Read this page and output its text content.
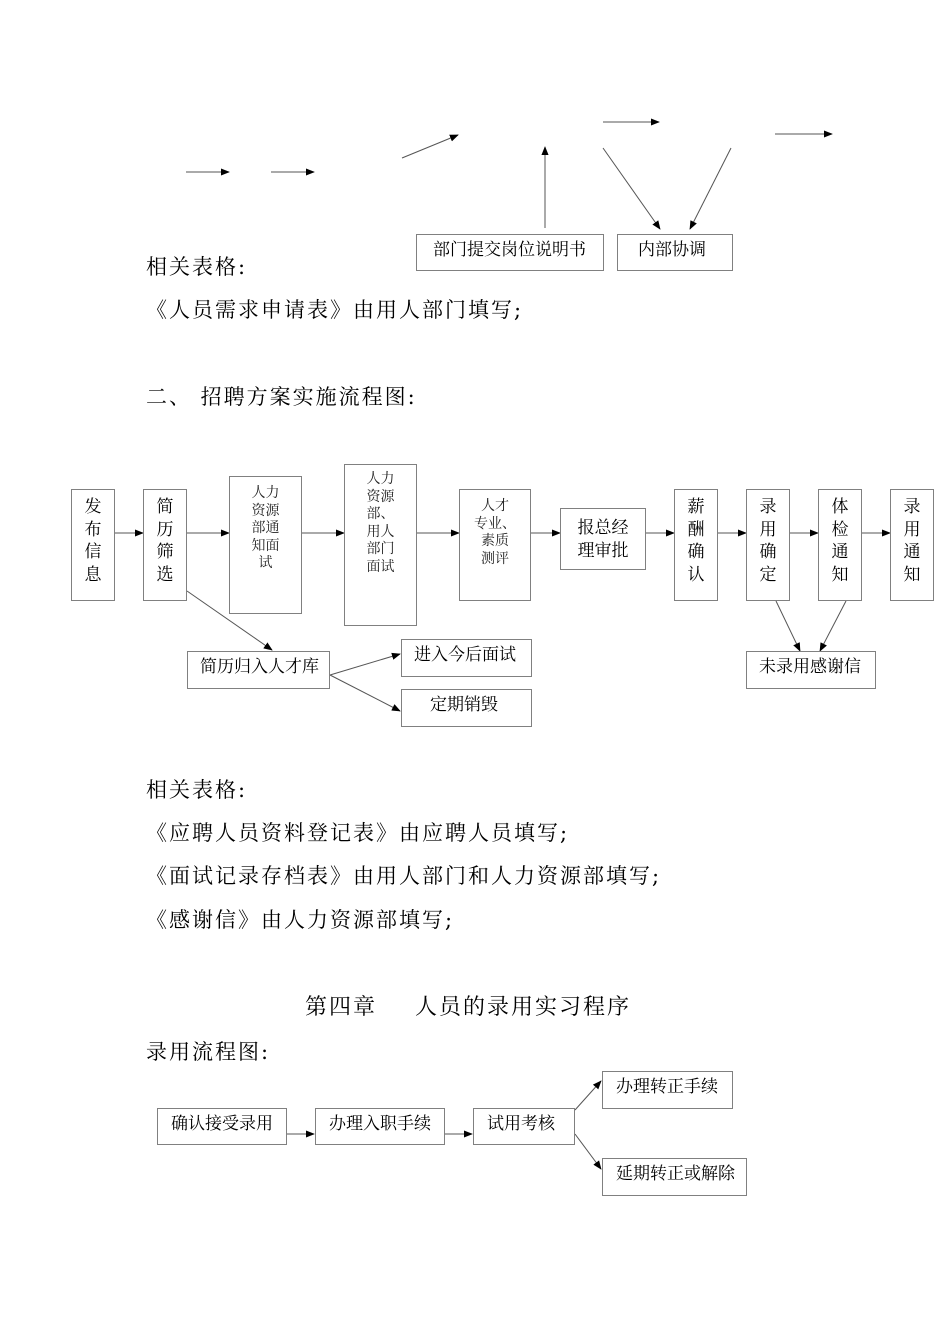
部门提交岗位说明书	内部协调
相关表格:
《人员需求申请表》由用人部门填写;
二、 招聘方案实施流程图:
发
布
信
息
简
历
筛
选
人力
资源
部通
知面
试
人力
资源
部、
用人
部门
面试
人才
专业、
素质
测评
报总经
理审批
薪
酬
确
认
录
用
确
定
体
检
通
知
录
用
通
知
简历归入人才库
进入今后面试
定期销毁
未录用感谢信
相关表格:
《应聘人员资料登记表》由应聘人员填写;
《面试记录存档表》由用人部门和人力资源部填写;
《感谢信》由人力资源部填写;
第四章 人员的录用实习程序
录用流程图:
确认接受录用	办理入职手续	试用考核
办理转正手续
延期转正或解除
